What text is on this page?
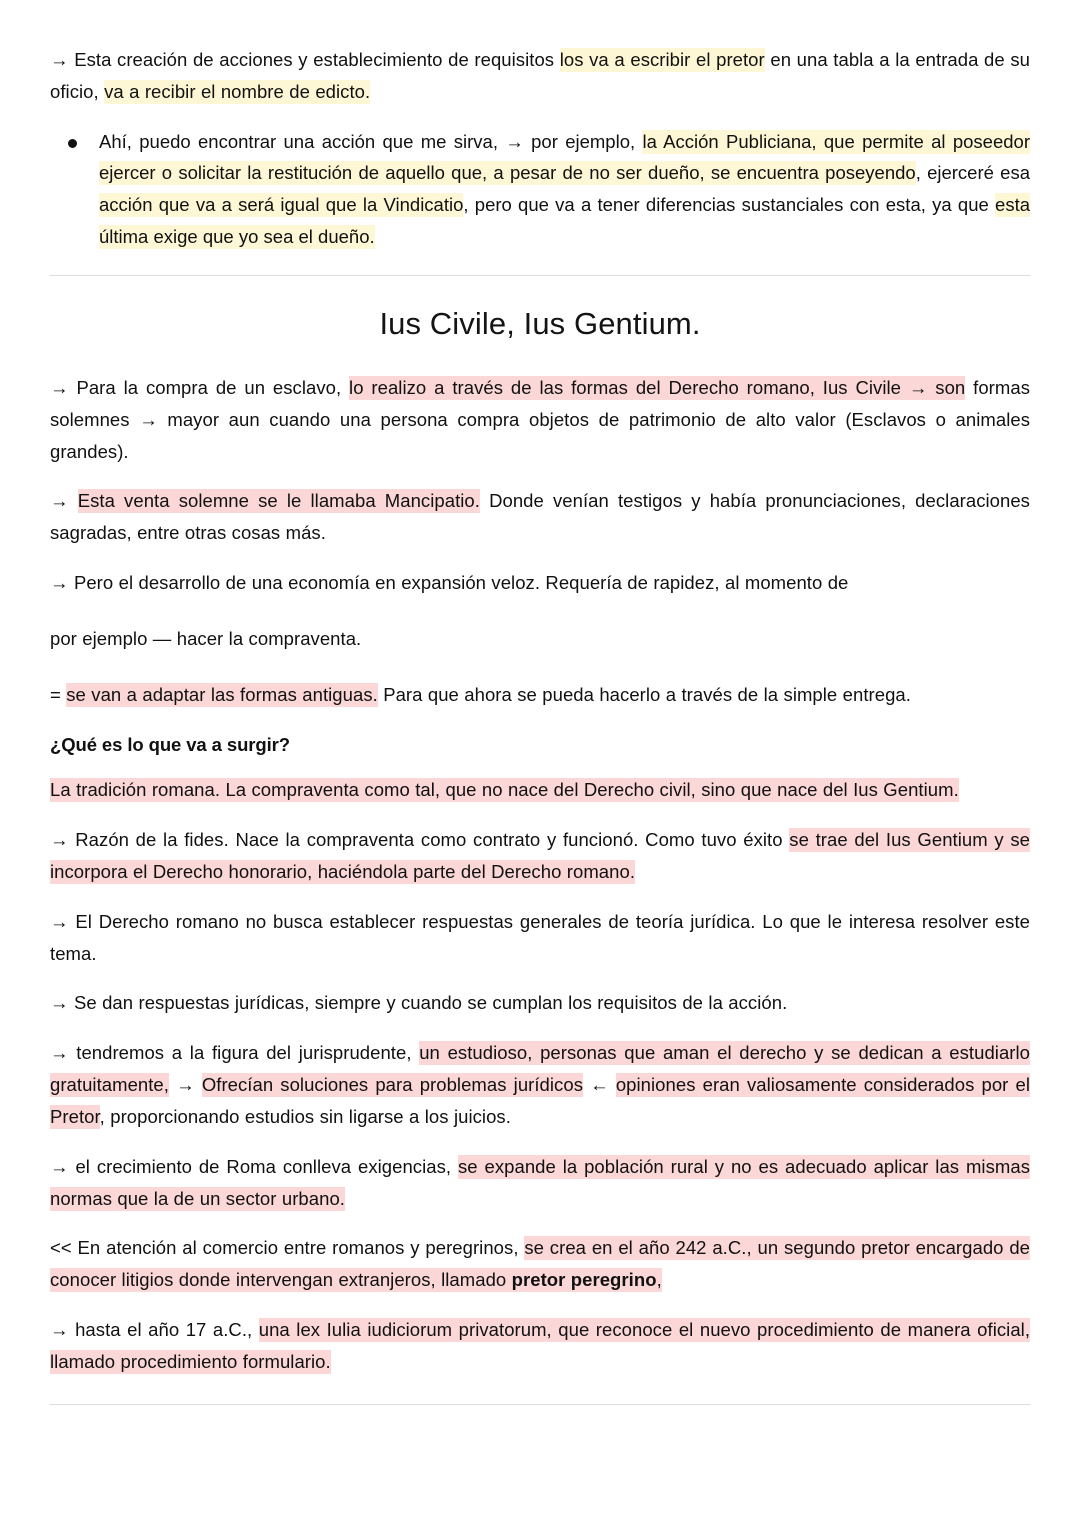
→ Esta creación de acciones y establecimiento de requisitos los va a escribir el pretor en una tabla a la entrada de su oficio, va a recibir el nombre de edicto.

Ahí, puedo encontrar una acción que me sirva, → por ejemplo, la Acción Publiciana, que permite al poseedor ejercer o solicitar la restitución de aquello que, a pesar de no ser dueño, se encuentra poseyendo, ejerceré esa acción que va a será igual que la Vindicatio, pero que va a tener diferencias sustanciales con esta, ya que esta última exige que yo sea el dueño.
Ius Civile, Ius Gentium.

→ Para la compra de un esclavo, lo realizo a través de las formas del Derecho romano, Ius Civile → son formas solemnes → mayor aun cuando una persona compra objetos de patrimonio de alto valor (Esclavos o animales grandes).

→ Esta venta solemne se le llamaba Mancipatio. Donde venían testigos y había pronunciaciones, declaraciones sagradas, entre otras cosas más.

→ Pero el desarrollo de una economía en expansión veloz. Requería de rapidez, al momento de

por ejemplo — hacer la compraventa.

= se van a adaptar las formas antiguas. Para que ahora se pueda hacerlo a través de la simple entrega.

¿Qué es lo que va a surgir?

La tradición romana. La compraventa como tal, que no nace del Derecho civil, sino que nace del Ius Gentium.

→ Razón de la fides. Nace la compraventa como contrato y funcionó. Como tuvo éxito se trae del Ius Gentium y se incorpora el Derecho honorario, haciéndola parte del Derecho romano.

→ El Derecho romano no busca establecer respuestas generales de teoría jurídica. Lo que le interesa resolver este tema.

→ Se dan respuestas jurídicas, siempre y cuando se cumplan los requisitos de la acción.

→ tendremos a la figura del jurisprudente, un estudioso, personas que aman el derecho y se dedican a estudiarlo gratuitamente, → Ofrecían soluciones para problemas jurídicos ← opiniones eran valiosamente considerados por el Pretor, proporcionando estudios sin ligarse a los juicios.

→ el crecimiento de Roma conlleva exigencias, se expande la población rural y no es adecuado aplicar las mismas normas que la de un sector urbano.

<< En atención al comercio entre romanos y peregrinos, se crea en el año 242 a.C., un segundo pretor encargado de conocer litigios donde intervengan extranjeros, llamado pretor peregrino,

→ hasta el año 17 a.C., una lex Iulia iudiciorum privatorum, que reconoce el nuevo procedimiento de manera oficial, llamado procedimiento formulario.
